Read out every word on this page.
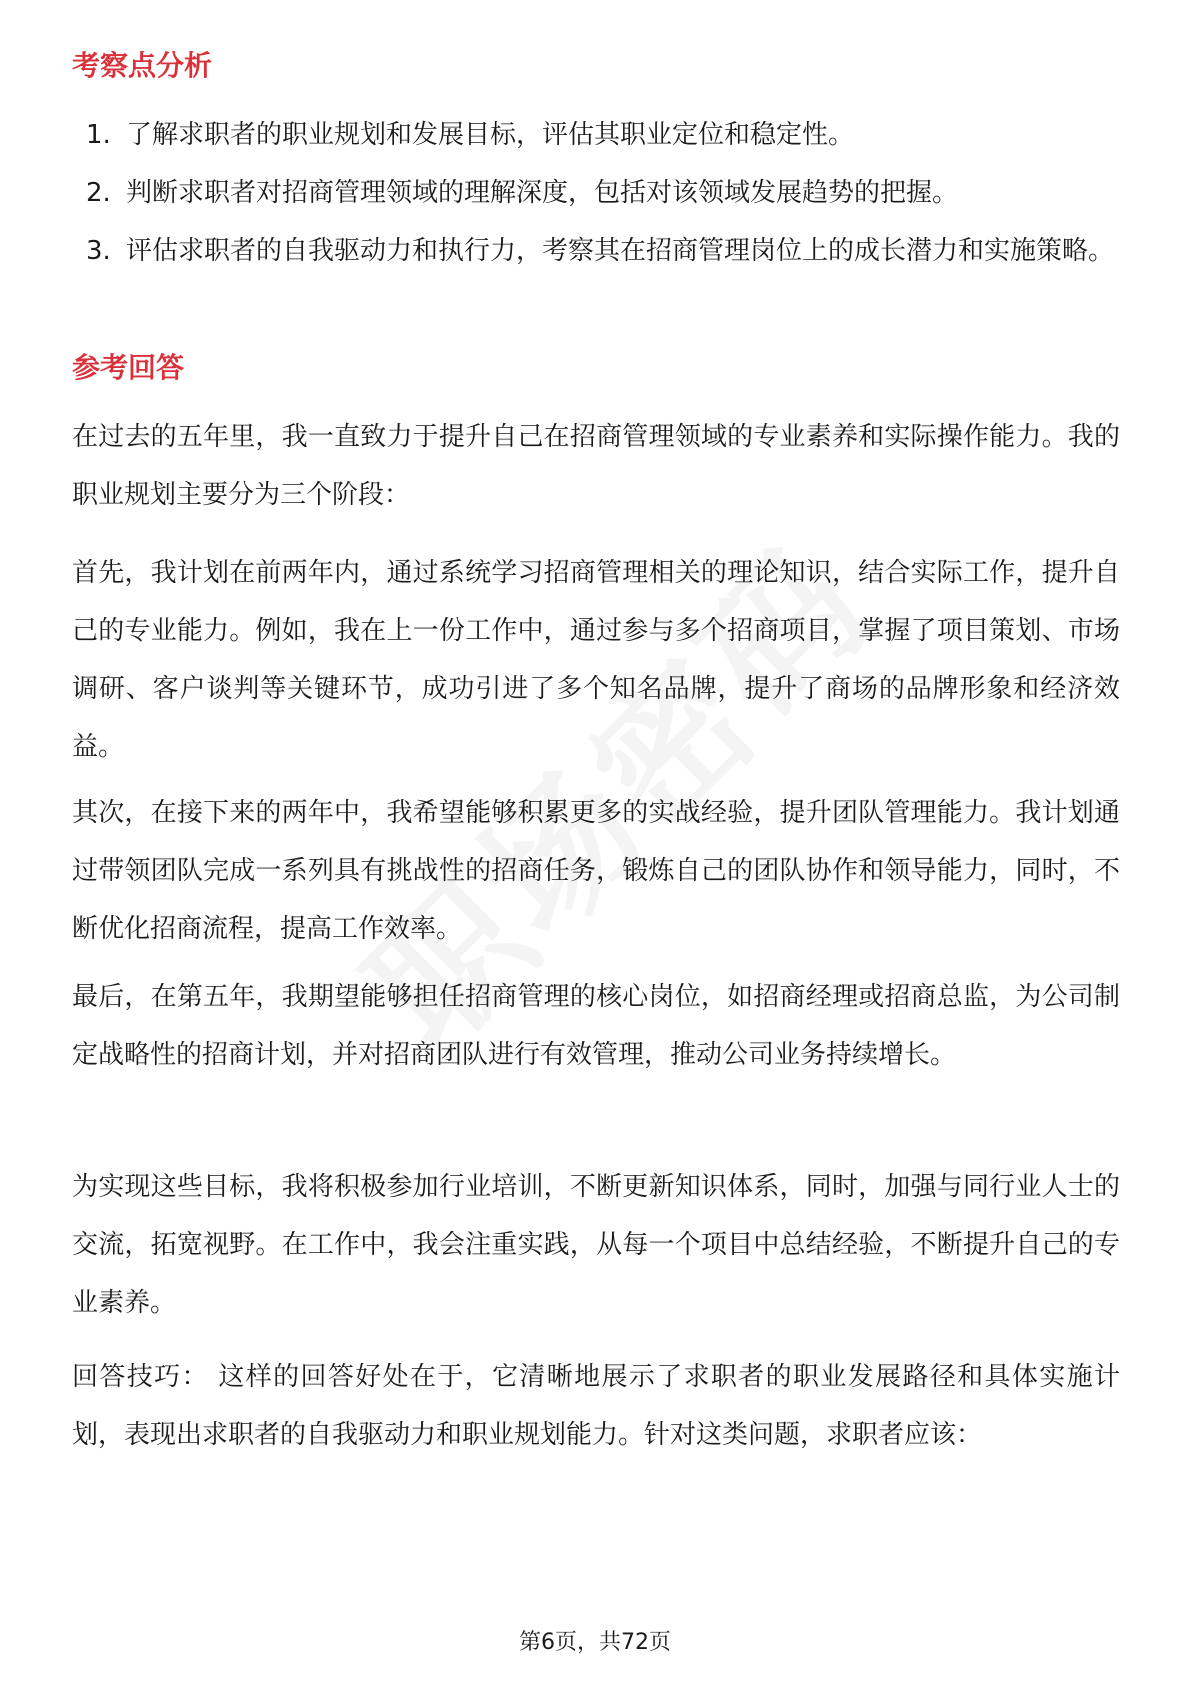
考察点分析
1. 了解求职者的职业规划和发展目标，评估其职业定位和稳定性。
2. 判断求职者对招商管理领域的理解深度，包括对该领域发展趋势的把握。
3. 评估求职者的自我驱动力和执行力，考察其在招商管理岗位上的成长潜力和实施策略。
参考回答

在过去的五年里，我一直致力于提升自己在招商管理领域的专业素养和实际操作能力。我的职业规划主要分为三个阶段：

首先，我计划在前两年内，通过系统学习招商管理相关的理论知识，结合实际工作，提升自己的专业能力。例如，我在上一份工作中，通过参与多个招商项目，掌握了项目策划、市场调研、客户谈判等关键环节，成功引进了多个知名品牌，提升了商场的品牌形象和经济效益。

其次，在接下来的两年中，我希望能够积累更多的实战经验，提升团队管理能力。我计划通过带领团队完成一系列具有挑战性的招商任务，锻炼自己的团队协作和领导能力，同时，不断优化招商流程，提高工作效率。

最后，在第五年，我期望能够担任招商管理的核心岗位，如招商经理或招商总监，为公司制定战略性的招商计划，并对招商团队进行有效管理，推动公司业务持续增长。

为实现这些目标，我将积极参加行业培训，不断更新知识体系，同时，加强与同行业人士的交流，拓宽视野。在工作中，我会注重实践，从每一个项目中总结经验，不断提升自己的专业素养。

回答技巧： 这样的回答好处在于，它清晰地展示了求职者的职业发展路径和具体实施计划，表现出求职者的自我驱动力和职业规划能力。针对这类问题，求职者应该：

第6页，共72页
